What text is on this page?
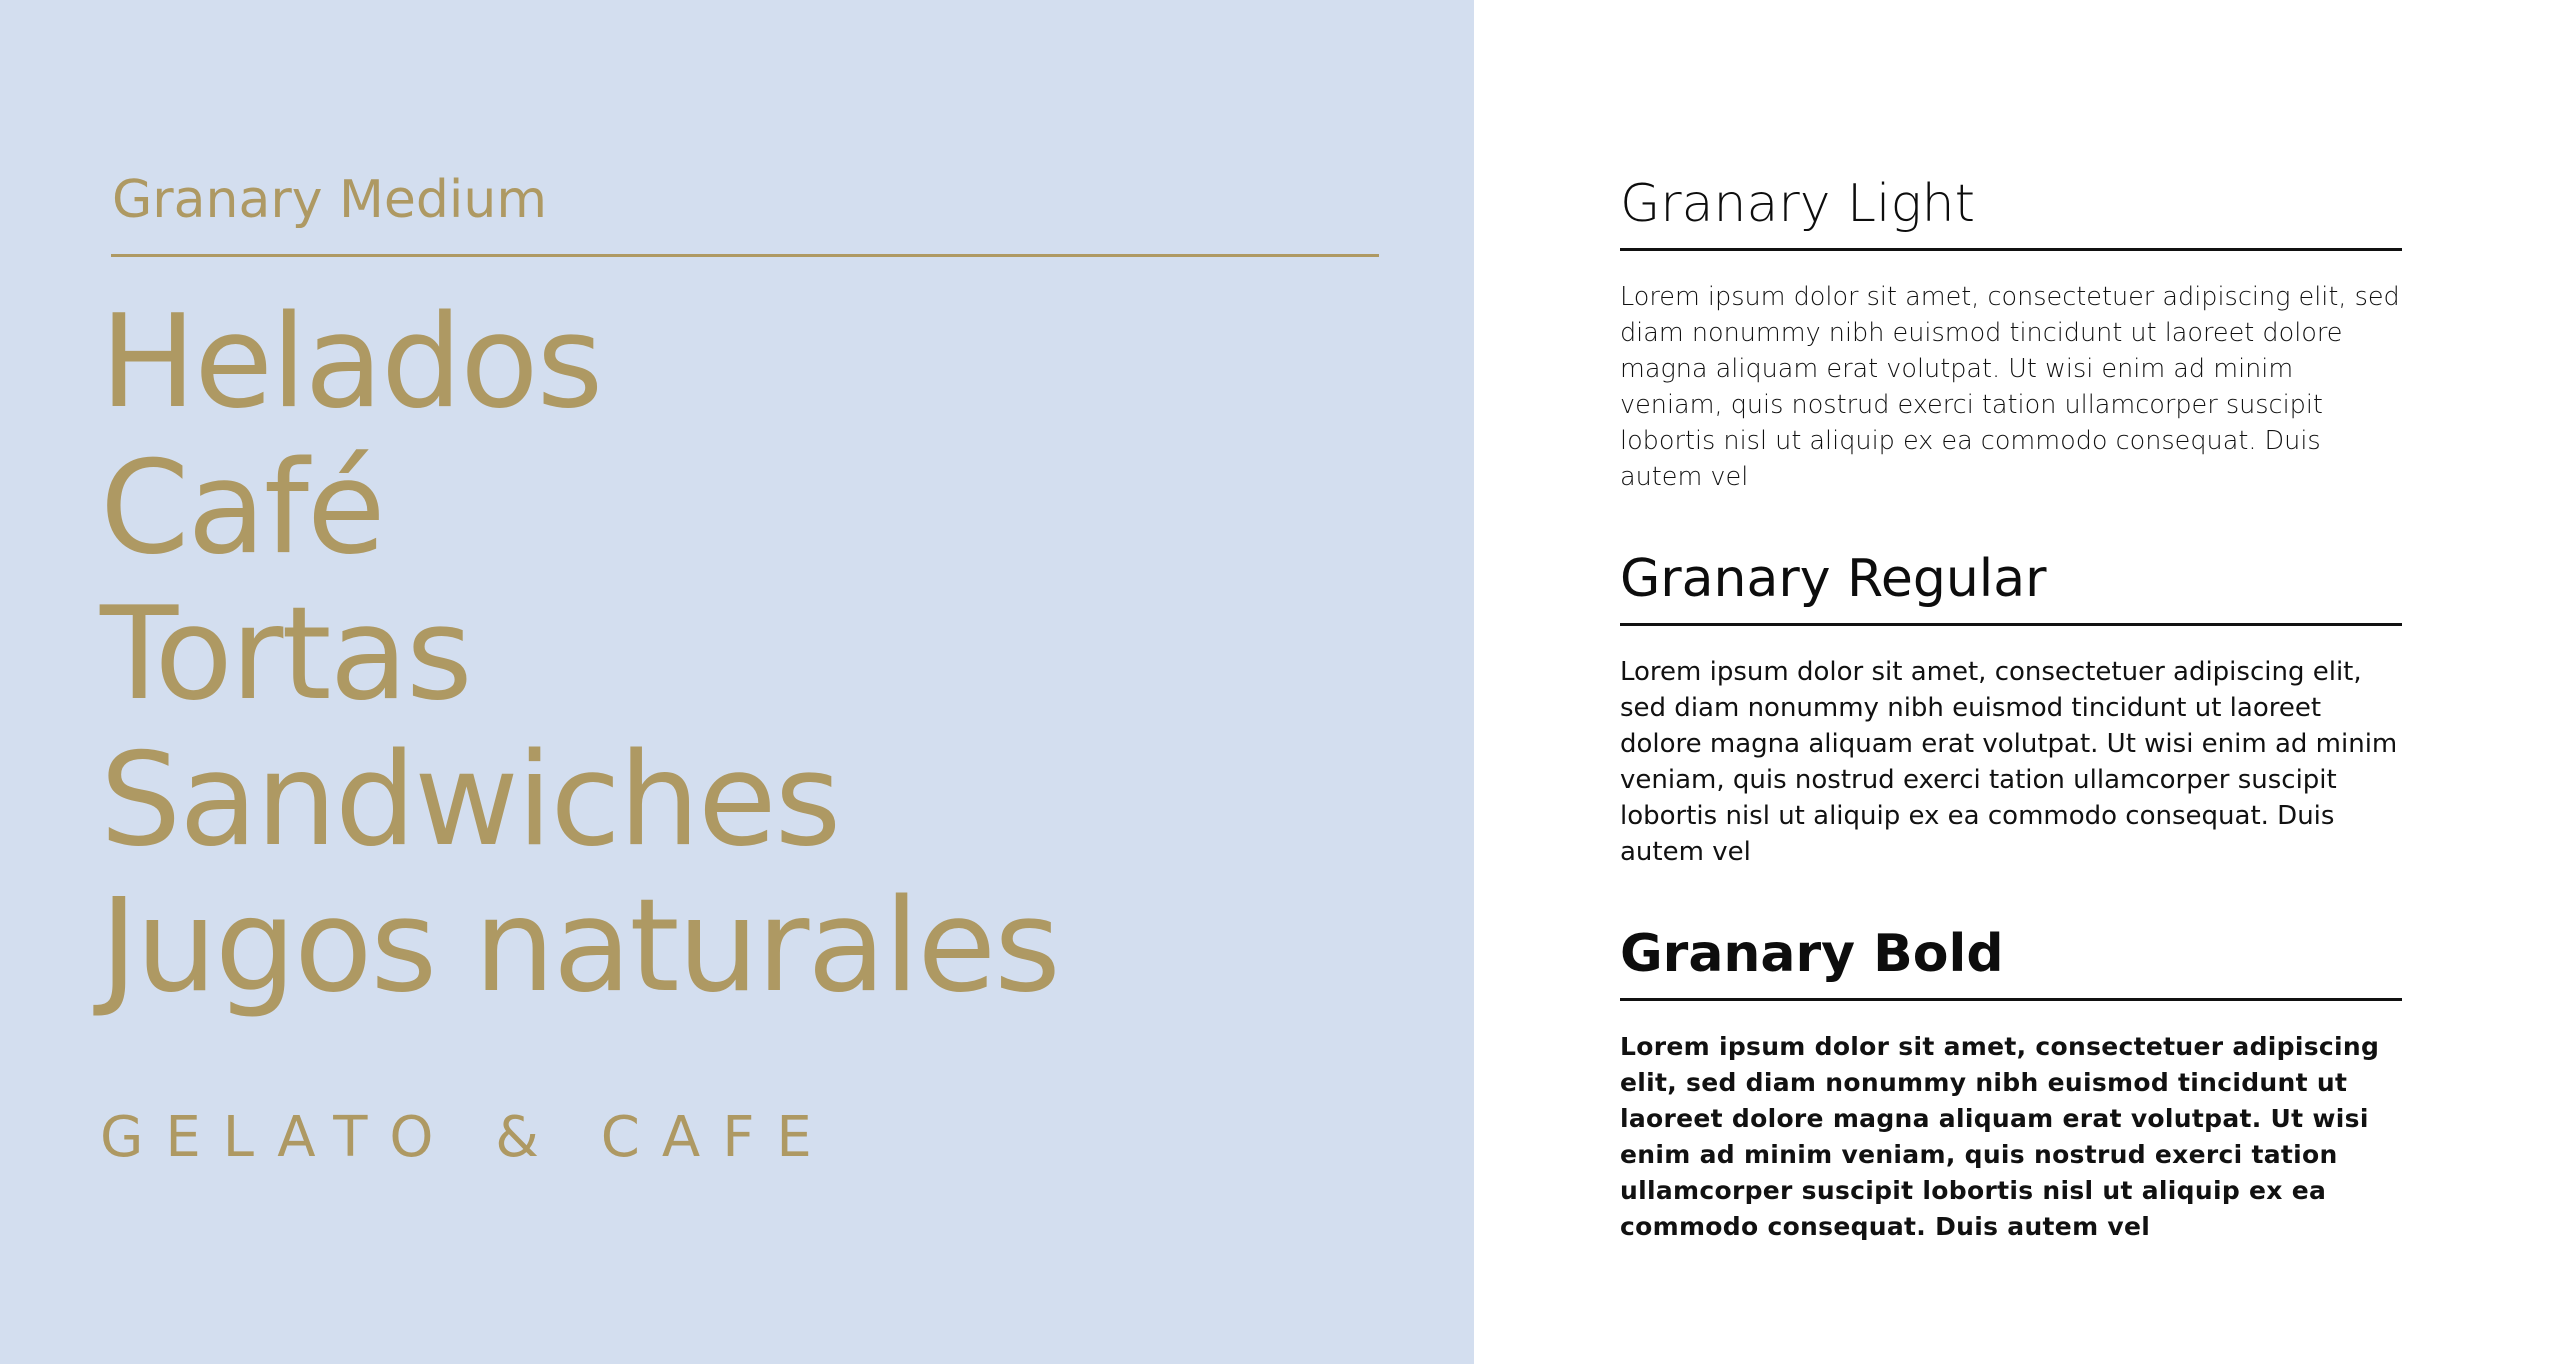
Granary Medium
Helados
Café
Tortas
Sandwiches
Jugos naturales
GELATO & CAFE
Granary Light

Lorem ipsum dolor sit amet, consectetuer adipiscing elit, sed diam nonummy nibh euismod tincidunt ut laoreet dolore magna aliquam erat volutpat. Ut wisi enim ad minim veniam, quis nostrud exerci tation ullamcorper suscipit lobortis nisl ut aliquip ex ea commodo consequat. Duis autem vel

Granary Regular

Lorem ipsum dolor sit amet, consectetuer adipiscing elit, sed diam nonummy nibh euismod tincidunt ut laoreet dolore magna aliquam erat volutpat. Ut wisi enim ad minim veniam, quis nostrud exerci tation ullamcorper suscipit lobortis nisl ut aliquip ex ea commodo consequat. Duis autem vel

Granary Bold

Lorem ipsum dolor sit amet, consectetuer adipiscing elit, sed diam nonummy nibh euismod tincidunt ut laoreet dolore magna aliquam erat volutpat. Ut wisi enim ad minim veniam, quis nostrud exerci tation ullamcorper suscipit lobortis nisl ut aliquip ex ea commodo consequat. Duis autem vel
